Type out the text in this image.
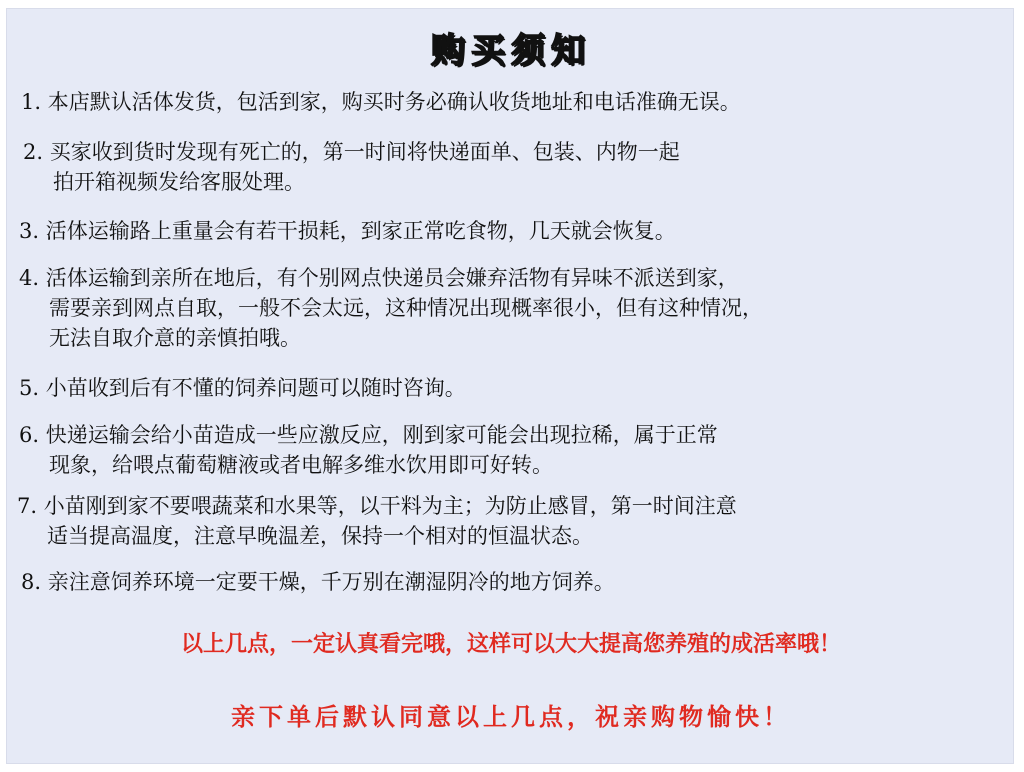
购买须知
1. 本店默认活体发货，包活到家，购买时务必确认收货地址和电话准确无误。
2. 买家收到货时发现有死亡的，第一时间将快递面单、包装、内物一起
拍开箱视频发给客服处理。
3. 活体运输路上重量会有若干损耗，到家正常吃食物，几天就会恢复。
4. 活体运输到亲所在地后，有个别网点快递员会嫌弃活物有异味不派送到家，
需要亲到网点自取，一般不会太远，这种情况出现概率很小，但有这种情况，
无法自取介意的亲慎拍哦。
5. 小苗收到后有不懂的饲养问题可以随时咨询。
6. 快递运输会给小苗造成一些应激反应，刚到家可能会出现拉稀，属于正常
现象，给喂点葡萄糖液或者电解多维水饮用即可好转。
7. 小苗刚到家不要喂蔬菜和水果等，以干料为主；为防止感冒，第一时间注意
适当提高温度，注意早晚温差，保持一个相对的恒温状态。
8. 亲注意饲养环境一定要干燥，千万别在潮湿阴冷的地方饲养。
以上几点，一定认真看完哦，这样可以大大提高您养殖的成活率哦！
亲下单后默认同意以上几点，祝亲购物愉快！
